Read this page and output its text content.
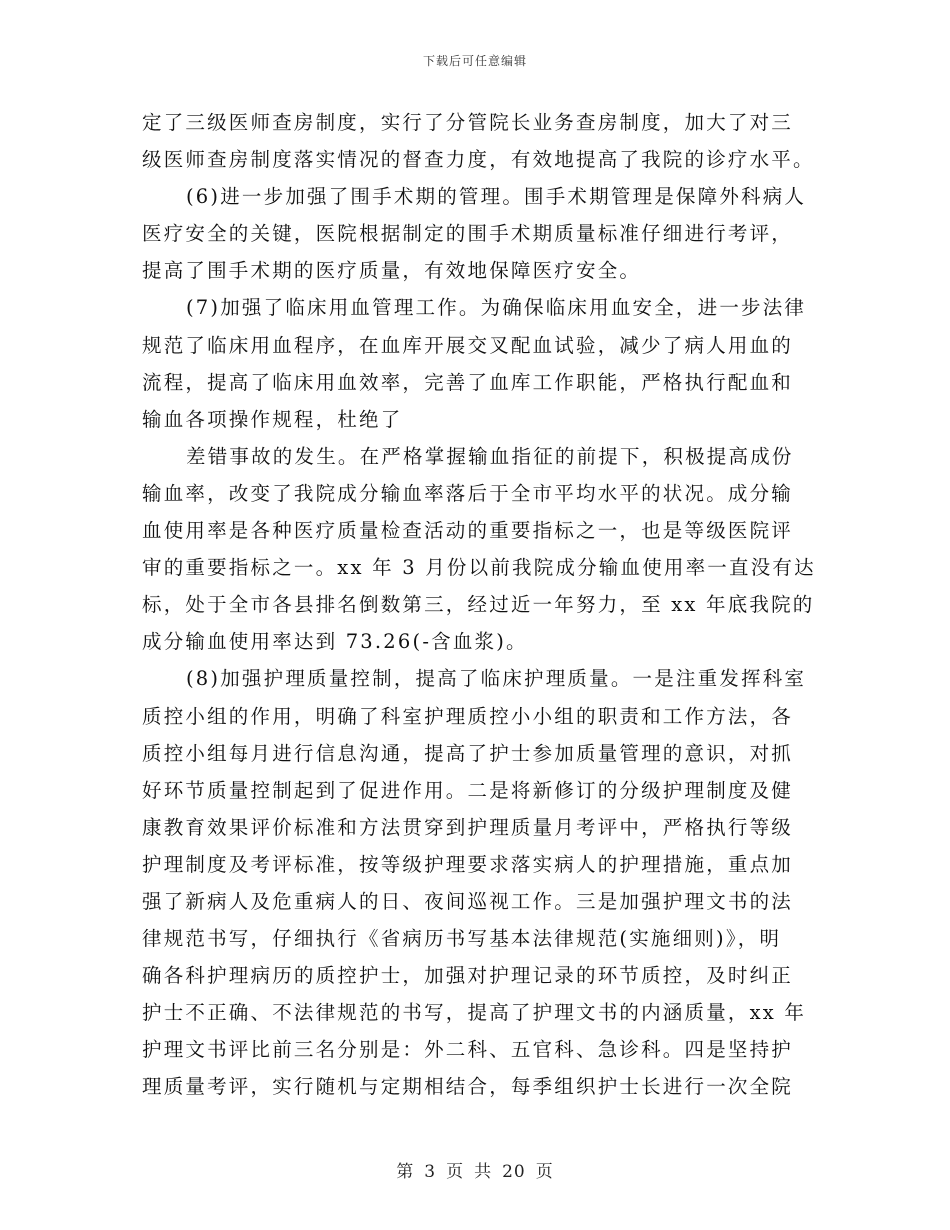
下载后可任意编辑
定了三级医师查房制度，实行了分管院长业务查房制度，加大了对三
级医师查房制度落实情况的督查力度，有效地提高了我院的诊疗水平。
(6)进一步加强了围手术期的管理。围手术期管理是保障外科病人
医疗安全的关键，医院根据制定的围手术期质量标准仔细进行考评，
提高了围手术期的医疗质量，有效地保障医疗安全。
(7)加强了临床用血管理工作。为确保临床用血安全，进一步法律
规范了临床用血程序，在血库开展交叉配血试验，减少了病人用血的
流程，提高了临床用血效率，完善了血库工作职能，严格执行配血和
输血各项操作规程，杜绝了
差错事故的发生。在严格掌握输血指征的前提下，积极提高成份
输血率，改变了我院成分输血率落后于全市平均水平的状况。成分输
血使用率是各种医疗质量检查活动的重要指标之一，也是等级医院评
审的重要指标之一。xx 年 3 月份以前我院成分输血使用率一直没有达
标，处于全市各县排名倒数第三，经过近一年努力，至 xx 年底我院的
成分输血使用率达到 73.26(-含血浆)。
(8)加强护理质量控制，提高了临床护理质量。一是注重发挥科室
质控小组的作用，明确了科室护理质控小小组的职责和工作方法，各
质控小组每月进行信息沟通，提高了护士参加质量管理的意识，对抓
好环节质量控制起到了促进作用。二是将新修订的分级护理制度及健
康教育效果评价标准和方法贯穿到护理质量月考评中，严格执行等级
护理制度及考评标准，按等级护理要求落实病人的护理措施，重点加
强了新病人及危重病人的日、夜间巡视工作。三是加强护理文书的法
律规范书写，仔细执行《省病历书写基本法律规范(实施细则)》，明
确各科护理病历的质控护士，加强对护理记录的环节质控，及时纠正
护士不正确、不法律规范的书写，提高了护理文书的内涵质量，xx 年
护理文书评比前三名分别是：外二科、五官科、急诊科。四是坚持护
理质量考评，实行随机与定期相结合，每季组织护士长进行一次全院
第 3 页 共 20 页
